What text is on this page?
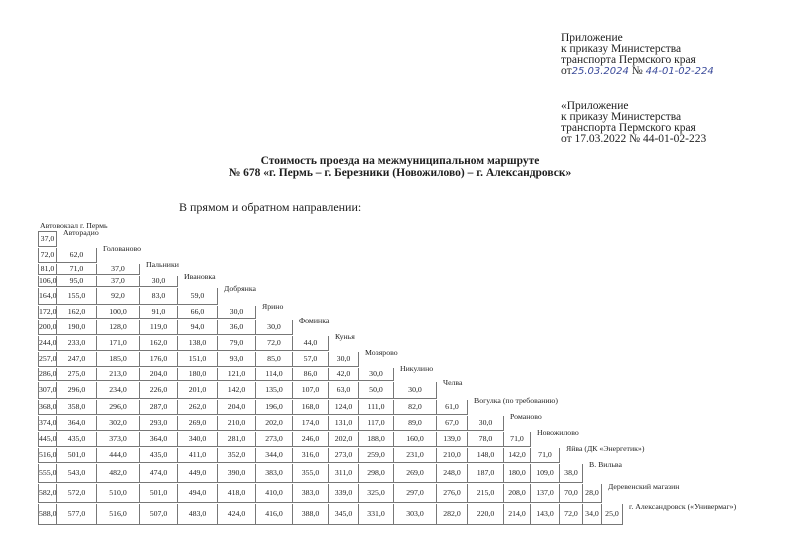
Приложение
к приказу Министерства
транспорта Пермского края
от25.03.2024 № 44-01-02-224
«Приложение
к приказу Министерства
транспорта Пермского края
от 17.03.2022 № 44-01-02-223
Стоимость проезда на межмуниципальном маршруте
№ 678 «г. Пермь – г. Березники (Новожилово) – г. Александровск»
В прямом и обратном направлении:
Автовокзал г. Пермь
37,0
Авторадио
72,0	62,0
Голованово
81,0	71,0	37,0	Пальники
106,0	95,0	37,0	30,0	Ивановка
164,0	155,0	92,0	83,0	59,0
Добрянка
172,0	162,0	100,0	91,0	66,0	30,0
Ярино
200,0	190,0	128,0	119,0	94,0	36,0	30,0
Фоминка
244,0	233,0	171,0	162,0	138,0	79,0	72,0	44,0
Кунья
257,0	247,0	185,0	176,0	151,0	93,0	85,0	57,0	30,0
Мозярово
286,0	275,0	213,0	204,0	180,0	121,0	114,0	86,0	42,0	30,0
Никулино
307,0	296,0	234,0	226,0	201,0	142,0	135,0	107,0	63,0	50,0	30,0
Челва
368,0	358,0	296,0	287,0	262,0	204,0	196,0	168,0	124,0	111,0	82,0	61,0
Вогулка (по требованию)
374,0	364,0	302,0	293,0	269,0	210,0	202,0	174,0	131,0	117,0	89,0	67,0	30,0
Романово
445,0	435,0	373,0	364,0	340,0	281,0	273,0	246,0	202,0	188,0	160,0	139,0	78,0	71,0
Новожилово
516,0	501,0	444,0	435,0	411,0	352,0	344,0	316,0	273,0	259,0	231,0	210,0	148,0	142,0	71,0
Яйва (ДК «Энергетик»)
555,0	543,0	482,0	474,0	449,0	390,0	383,0	355,0	311,0	298,0	269,0	248,0	187,0	180,0	109,0	38,0
В. Вильва
582,0	572,0	510,0	501,0	494,0	418,0	410,0	383,0	339,0	325,0	297,0	276,0	215,0	208,0	137,0	70,0 28,0
Деревенский магазин
588,0	577,0	516,0	507,0	483,0	424,0	416,0	388,0	345,0	331,0	303,0	282,0	220,0	214,0	143,0	72,0 34,0 25,0
г. Александровск («Универмаг»)
